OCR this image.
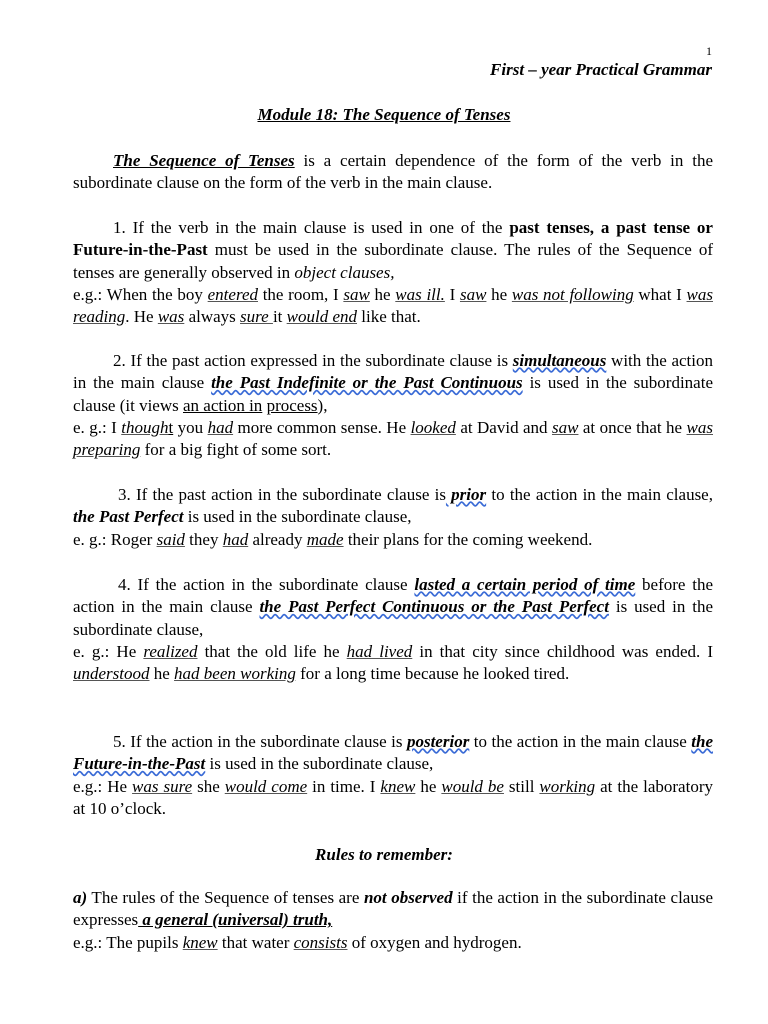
1
First – year Practical Grammar
Module 18: The Sequence of Tenses
The Sequence of Tenses is a certain dependence of the form of the verb in the subordinate clause on the form of the verb in the main clause.
1. If the verb in the main clause is used in one of the past tenses, a past tense or Future-in-the-Past must be used in the subordinate clause. The rules of the Sequence of tenses are generally observed in object clauses,
e.g.: When the boy entered the room, I saw he was ill. I saw he was not following what I was reading. He was always sure it would end like that.
2. If the past action expressed in the subordinate clause is simultaneous with the action in the main clause the Past Indefinite or the Past Continuous is used in the subordinate clause (it views an action in process),
e. g.: I thought you had more common sense. He looked at David and saw at once that he was preparing for a big fight of some sort.
3. If the past action in the subordinate clause is prior to the action in the main clause, the Past Perfect is used in the subordinate clause,
e. g.: Roger said they had already made their plans for the coming weekend.
4. If the action in the subordinate clause lasted a certain period of time before the action in the main clause the Past Perfect Continuous or the Past Perfect is used in the subordinate clause,
e. g.: He realized that the old life he had lived in that city since childhood was ended. I understood he had been working for a long time because he looked tired.
5. If the action in the subordinate clause is posterior to the action in the main clause the Future-in-the-Past is used in the subordinate clause,
e.g.: He was sure she would come in time. I knew he would be still working at the laboratory at 10 o’clock.
Rules to remember:
a) The rules of the Sequence of tenses are not observed if the action in the subordinate clause expresses a general (universal) truth,
e.g.: The pupils knew that water consists of oxygen and hydrogen.
